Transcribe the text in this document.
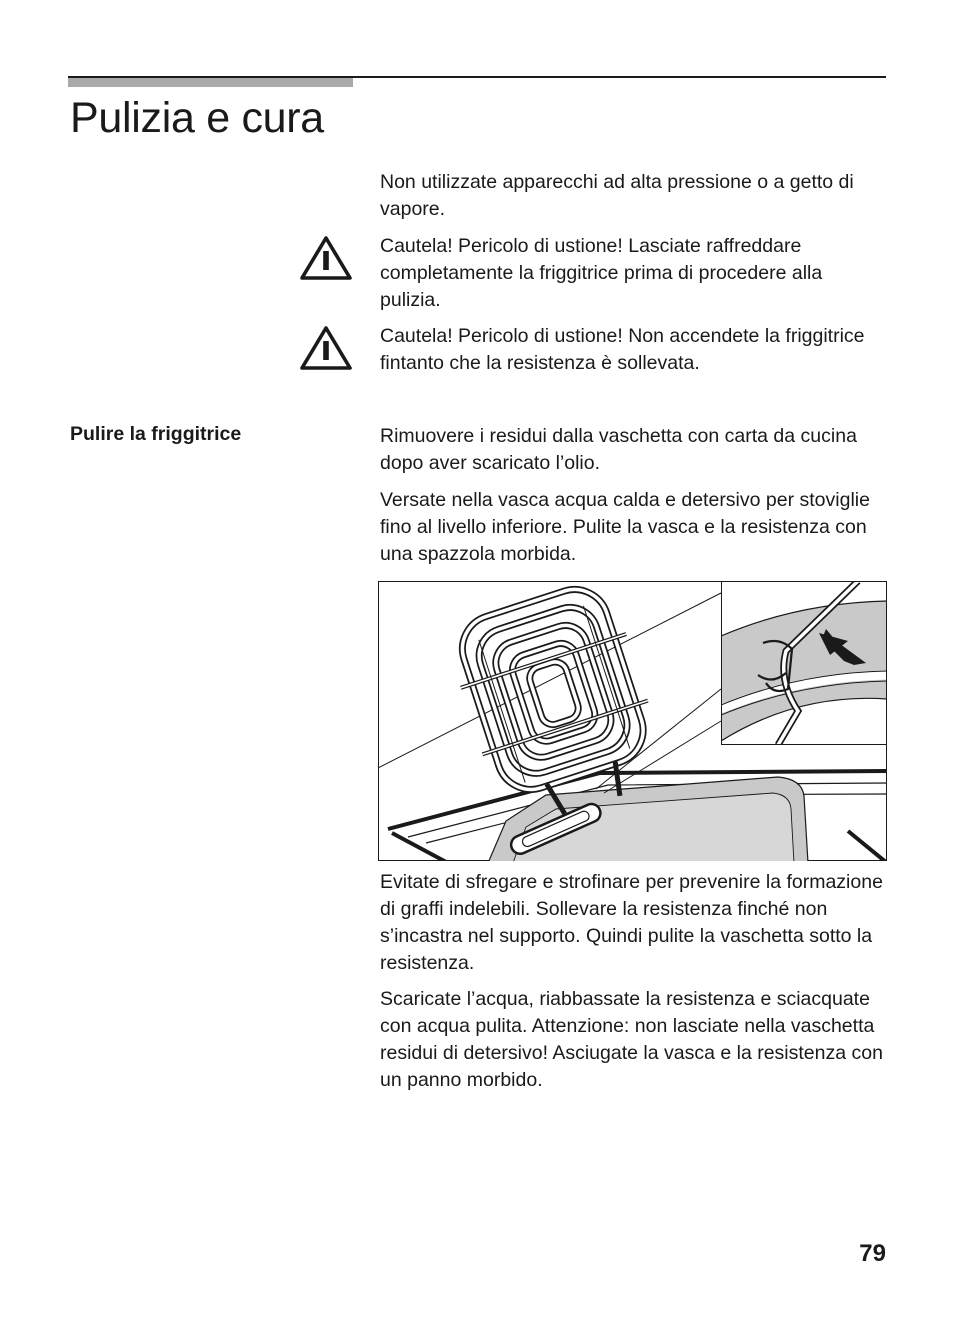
Pulizia e cura

Non utilizzate apparecchi ad alta pressione o a getto di vapore.

Cautela! Pericolo di ustione! Lasciate raffreddare completamente la friggitrice prima di procedere alla pulizia.

Cautela! Pericolo di ustione! Non accendete la friggitrice fintanto che la resistenza è sollevata.

Pulire la friggitrice	Rimuovere i residui dalla vaschetta con carta da cucina dopo aver scaricato l’olio.

Versate nella vasca acqua calda e detersivo per stoviglie fino al livello inferiore. Pulite la vasca e la resistenza con una spazzola morbida.

Evitate di sfregare e strofinare per prevenire la formazione di graffi indelebili. Sollevare la resistenza finché non s’incastra nel supporto. Quindi pulite la vaschetta sotto la resistenza.

Scaricate l’acqua, riabbassate la resistenza e sciacquate con acqua pulita. Attenzione: non lasciate nella vaschetta residui di detersivo! Asciugate la vasca e la resistenza con un panno morbido.

79
